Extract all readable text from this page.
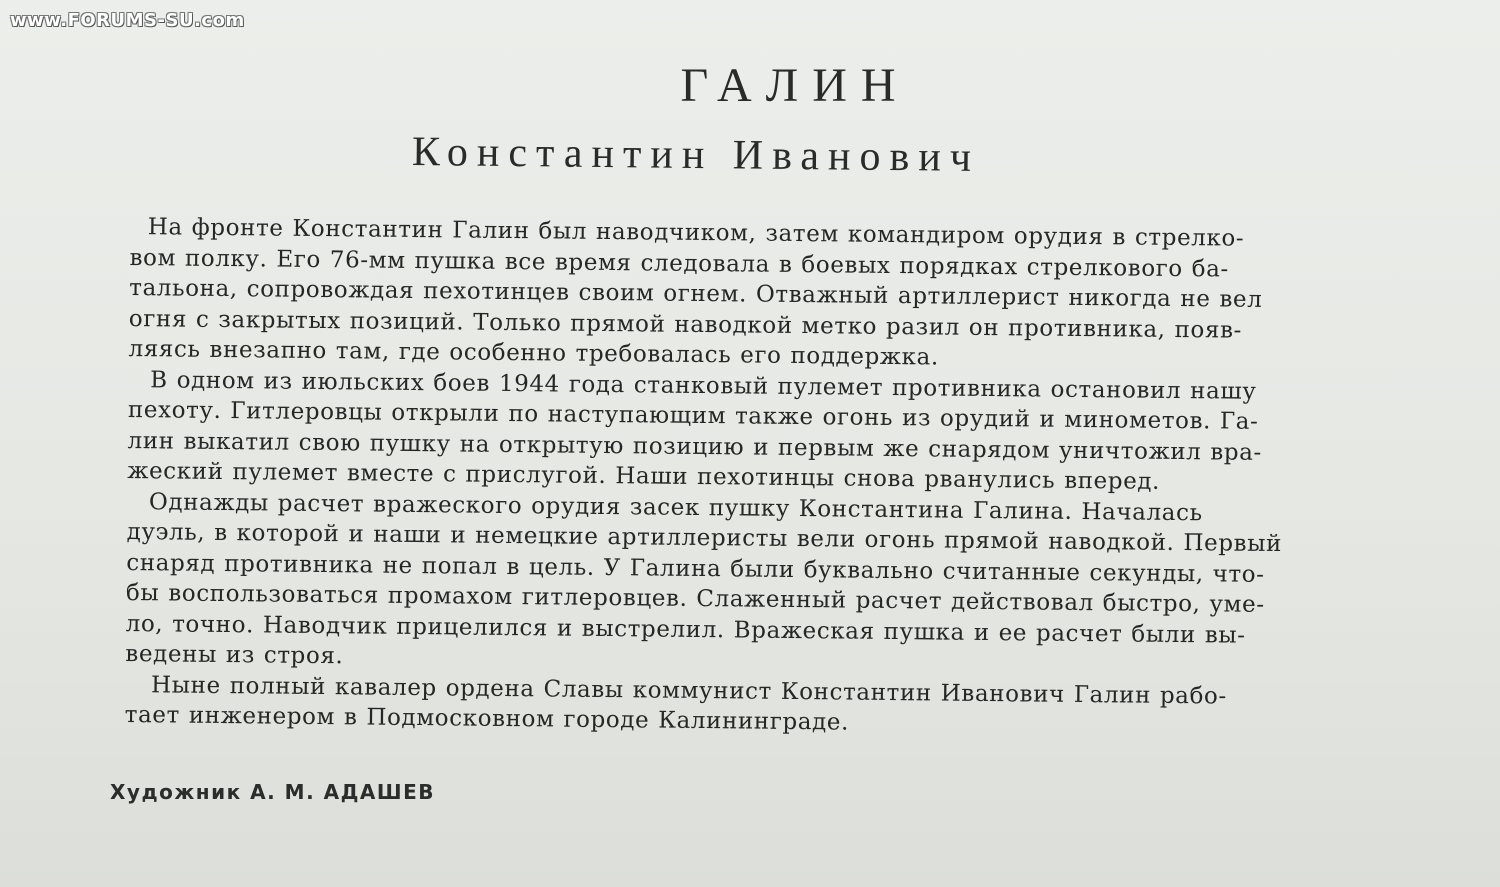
www.FORUMS-SU.com
ГАЛИН
Константин Иванович
На фронте Константин Галин был наводчиком, затем командиром орудия в стрелко-
вом полку. Его 76-мм пушка все время следовала в боевых порядках стрелкового ба-
тальона, сопровождая пехотинцев своим огнем. Отважный артиллерист никогда не вел
огня с закрытых позиций. Только прямой наводкой метко разил он противника, появ-
ляясь внезапно там, где особенно требовалась его поддержка.
В одном из июльских боев 1944 года станковый пулемет противника остановил нашу
пехоту. Гитлеровцы открыли по наступающим также огонь из орудий и минометов. Га-
лин выкатил свою пушку на открытую позицию и первым же снарядом уничтожил вра-
жеский пулемет вместе с прислугой. Наши пехотинцы снова рванулись вперед.
Однажды расчет вражеского орудия засек пушку Константина Галина. Началась
дуэль, в которой и наши и немецкие артиллеристы вели огонь прямой наводкой. Первый
снаряд противника не попал в цель. У Галина были буквально считанные секунды, что-
бы воспользоваться промахом гитлеровцев. Слаженный расчет действовал быстро, уме-
ло, точно. Наводчик прицелился и выстрелил. Вражеская пушка и ее расчет были вы-
ведены из строя.
Ныне полный кавалер ордена Славы коммунист Константин Иванович Галин рабо-
тает инженером в Подмосковном городе Калининграде.
Художник А. М. АДАШЕВ
